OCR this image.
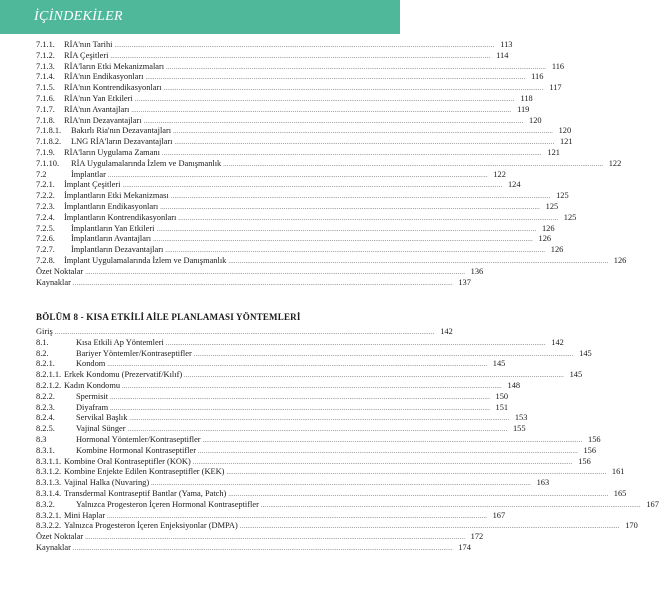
İÇİNDEKİLER
7.1.1.	RİA'nın Tarihi ........................................................................................................................................................................................................ 113
7.1.2.	RİA Çeşitleri ........................................................................................................................................................................................................ 114
7.1.3.	RİA'ların Etki Mekanizmaları ........................................................................................................................................................................................................ 116
7.1.4.	RİA'nın Endikasyonları ........................................................................................................................................................................................................ 116
7.1.5.	RİA'nın Kontrendikasyonları ........................................................................................................................................................................................................ 117
7.1.6.	RİA'nın Yan Etkileri ........................................................................................................................................................................................................ 118
7.1.7.	RİA'nın Avantajları ........................................................................................................................................................................................................ 119
7.1.8.	RİA'nın Dezavantajları ........................................................................................................................................................................................................ 120
7.1.8.1.	Bakırlı Ria'nın Dezavantajları ........................................................................................................................................................................................................ 120
7.1.8.2.	LNG RİA'ların Dezavantajları ........................................................................................................................................................................................................ 121
7.1.9.	RİA'ların Uygulama Zamanı ........................................................................................................................................................................................................ 121
7.1.10.	RİA Uygulamalarında İzlem ve Danışmanlık ........................................................................................................................................................................................................ 122
7.2	İmplantlar ........................................................................................................................................................................................................ 122
7.2.1.	İmplant Çeşitleri ........................................................................................................................................................................................................ 124
7.2.2.	İmplantların Etki Mekanizması ........................................................................................................................................................................................................ 125
7.2.3.	İmplantların Endikasyonları ........................................................................................................................................................................................................ 125
7.2.4.	İmplantların Kontrendikasyonları ........................................................................................................................................................................................................ 125
7.2.5.	İmplantların Yan Etkileri ........................................................................................................................................................................................................ 126
7.2.6.	İmplantların Avantajları ........................................................................................................................................................................................................ 126
7.2.7.	İmplantların Dezavantajları ........................................................................................................................................................................................................ 126
7.2.8.	İmplant Uygulamalarında İzlem ve Danışmanlık ........................................................................................................................................................................................................ 126
Özet Noktalar ........................................................................................................................................................................................................ 136
Kaynaklar ........................................................................................................................................................................................................ 137
BÖLÜM 8 - KISA ETKİLİ AİLE PLANLAMASI YÖNTEMLERİ
Giriş ........................................................................................................................................................................................................ 142
8.1.	Kısa Etkili Ap Yöntemleri ........................................................................................................................................................................................................ 142
8.2.	Bariyer Yöntemler/Kontraseptifler ........................................................................................................................................................................................................ 145
8.2.1.	Kondom ........................................................................................................................................................................................................ 145
8.2.1.1. Erkek Kondomu (Prezervatif/Kılıf) ........................................................................................................................................................................................................ 145
8.2.1.2. Kadın Kondomu ........................................................................................................................................................................................................ 148
8.2.2.	Spermisit ........................................................................................................................................................................................................ 150
8.2.3.	Diyafram ........................................................................................................................................................................................................ 151
8.2.4.	Servikal Başlık ........................................................................................................................................................................................................ 153
8.2.5.	Vajinal Sünger ........................................................................................................................................................................................................ 155
8.3	Hormonal Yöntemler/Kontraseptifler ........................................................................................................................................................................................................ 156
8.3.1.	Kombine Hormonal Kontraseptifler ........................................................................................................................................................................................................ 156
8.3.1.1. Kombine Oral Kontraseptifler (KOK) ........................................................................................................................................................................................................ 156
8.3.1.2. Kombine Enjekte Edilen Kontraseptifler (KEK) ........................................................................................................................................................................................................ 161
8.3.1.3. Vajinal Halka (Nuvaring) ........................................................................................................................................................................................................ 163
8.3.1.4. Transdermal Kontraseptif Bantlar (Yama, Patch) ........................................................................................................................................................................................................ 165
8.3.2.	Yalnızca Progesteron İçeren Hormonal Kontraseptifler ........................................................................................................................................................................................................ 167
8.3.2.1. Mini Haplar ........................................................................................................................................................................................................ 167
8.3.2.2. Yalnızca Progesteron İçeren Enjeksiyonlar (DMPA) ........................................................................................................................................................................................................ 170
Özet Noktalar ........................................................................................................................................................................................................ 172
Kaynaklar ........................................................................................................................................................................................................ 174
